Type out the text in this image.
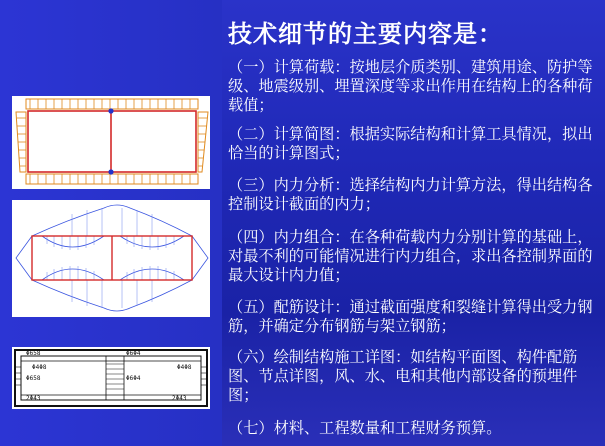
技术细节的主要内容是：
（一）计算荷载：按地层介质类别、建筑用途、防护等级、地震级别、埋置深度等求出作用在结构上的各种荷载值；
（二）计算简图：根据实际结构和计算工具情况，拟出恰当的计算图式；
（三）内力分析：选择结构内力计算方法，得出结构各控制设计截面的内力；
（四）内力组合：在各种荷载内力分别计算的基础上，对最不利的可能情况进行内力组合，求出各控制界面的最大设计内力值；
（五）配筋设计：通过截面强度和裂缝计算得出受力钢筋，并确定分布钢筋与架立钢筋；
（六）绘制结构施工详图：如结构平面图、构件配筋图、节点详图，风、水、电和其他内部设备的预埋件图；
（七）材料、工程数量和工程财务预算。
Φ658	Φ6Φ4
Φ658	Φ6Φ4
Φ4Φ8	Φ4Φ8
2Φ43	2Φ43
